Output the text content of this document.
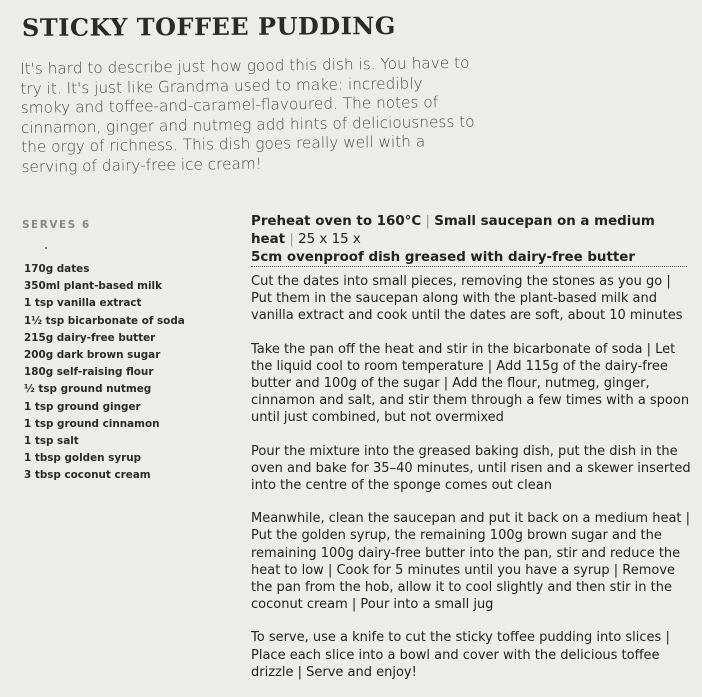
STICKY TOFFEE PUDDING

It's hard to describe just how good this dish is. You have to try it. It's just like Grandma used to make: incredibly smoky and toffee-and-caramel-flavoured. The notes of cinnamon, ginger and nutmeg add hints of deliciousness to the orgy of richness. This dish goes really well with a serving of dairy-free ice cream!

SERVES 6

170g dates
350ml plant-based milk
1 tsp vanilla extract
1½ tsp bicarbonate of soda
215g dairy-free butter
200g dark brown sugar
180g self-raising flour
½ tsp ground nutmeg
1 tsp ground ginger
1 tsp ground cinnamon
1 tsp salt
1 tbsp golden syrup
3 tbsp coconut cream

Preheat oven to 160°C | Small saucepan on a medium heat | 25 x 15 x
5cm ovenproof dish greased with dairy-free butter

Cut the dates into small pieces, removing the stones as you go | Put them in the saucepan along with the plant-based milk and vanilla extract and cook until the dates are soft, about 10 minutes

Take the pan off the heat and stir in the bicarbonate of soda | Let the liquid cool to room temperature | Add 115g of the dairy-free butter and 100g of the sugar | Add the flour, nutmeg, ginger, cinnamon and salt, and stir them through a few times with a spoon until just combined, but not overmixed

Pour the mixture into the greased baking dish, put the dish in the oven and bake for 35–40 minutes, until risen and a skewer inserted into the centre of the sponge comes out clean

Meanwhile, clean the saucepan and put it back on a medium heat | Put the golden syrup, the remaining 100g brown sugar and the remaining 100g dairy-free butter into the pan, stir and reduce the heat to low | Cook for 5 minutes until you have a syrup | Remove the pan from the hob, allow it to cool slightly and then stir in the coconut cream | Pour into a small jug

To serve, use a knife to cut the sticky toffee pudding into slices | Place each slice into a bowl and cover with the delicious toffee drizzle | Serve and enjoy!
